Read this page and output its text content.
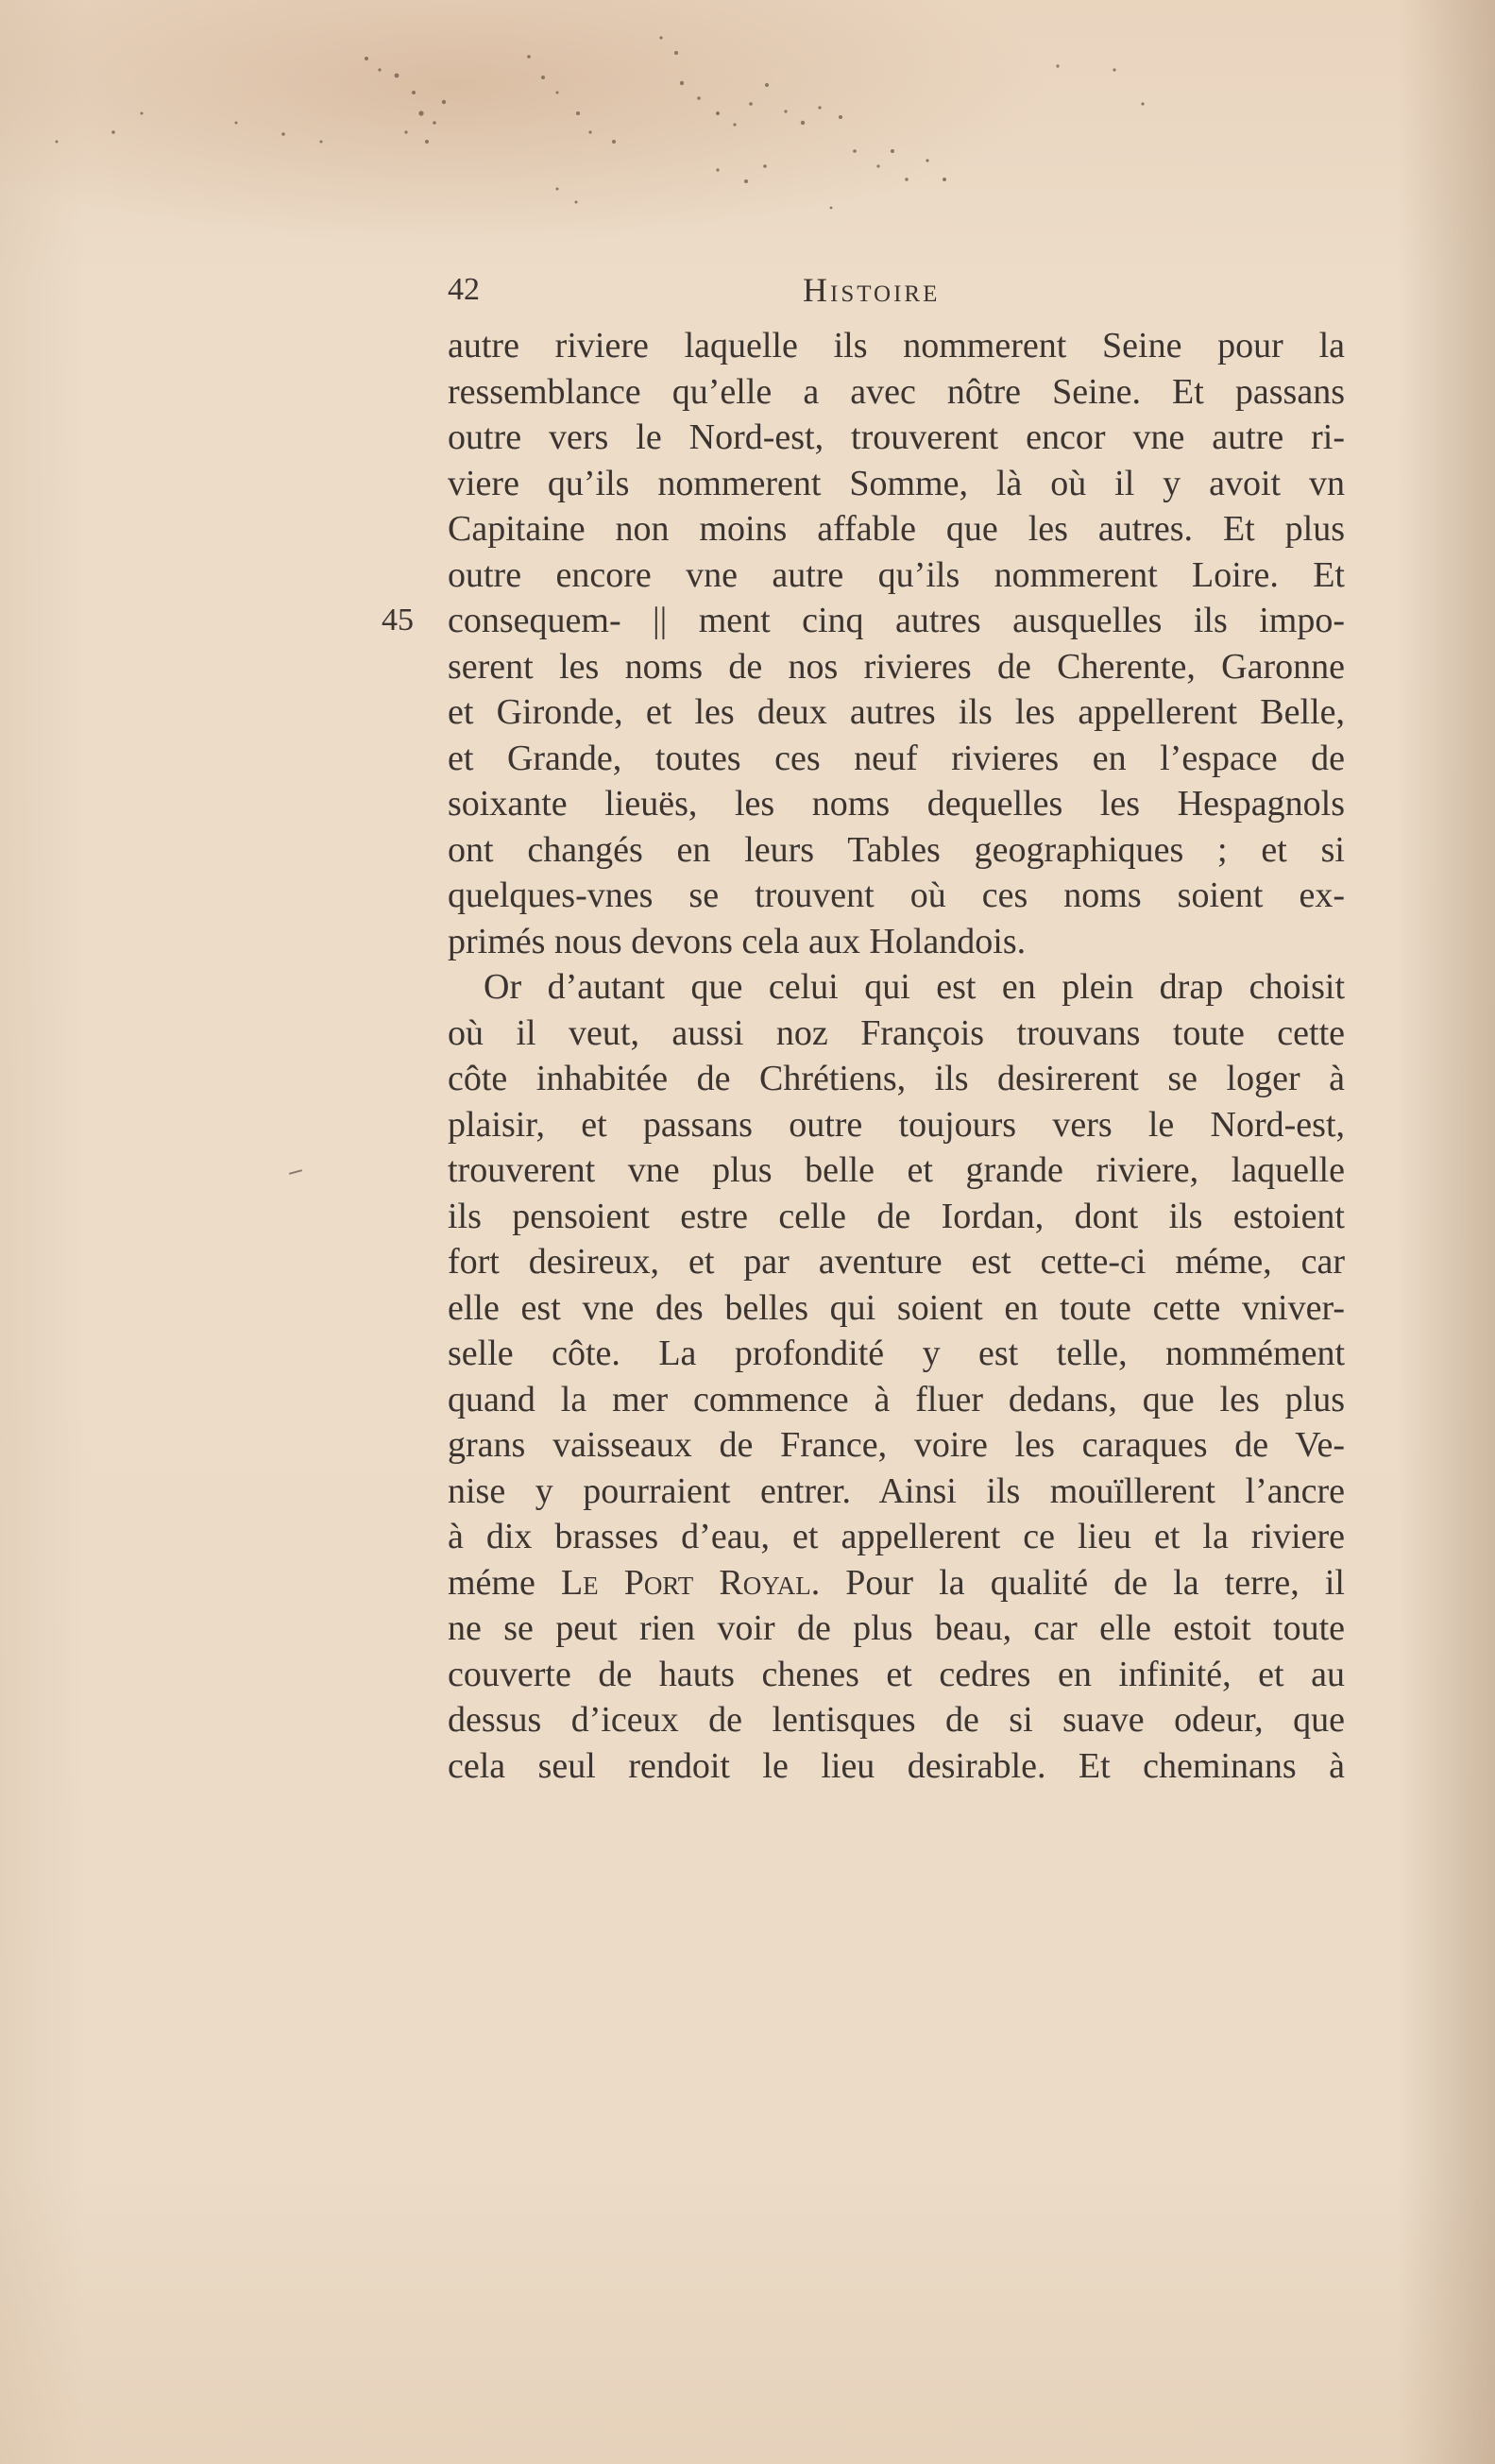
42	Histoire
autre riviere laquelle ils nommerent Seine pour la
ressemblance qu’elle a avec nôtre Seine. Et passans
outre vers le Nord-est, trouverent encor vne autre ri-
viere qu’ils nommerent Somme, là où il y avoit vn
Capitaine non moins affable que les autres. Et plus
outre encore vne autre qu’ils nommerent Loire. Et
45 consequem- || ment cinq autres ausquelles ils impo-
serent les noms de nos rivieres de Cherente, Garonne
et Gironde, et les deux autres ils les appellerent Belle,
et Grande, toutes ces neuf rivieres en l’espace de
soixante lieuës, les noms dequelles les Hespagnols
ont changés en leurs Tables geographiques ; et si
quelques-vnes se trouvent où ces noms soient ex-
primés nous devons cela aux Holandois.
Or d’autant que celui qui est en plein drap choisit
où il veut, aussi noz François trouvans toute cette
côte inhabitée de Chrétiens, ils desirerent se loger à
plaisir, et passans outre toujours vers le Nord-est,
trouverent vne plus belle et grande riviere, laquelle
ils pensoient estre celle de Iordan, dont ils estoient
fort desireux, et par aventure est cette-ci méme, car
elle est vne des belles qui soient en toute cette vniver-
selle côte. La profondité y est telle, nommément
quand la mer commence à fluer dedans, que les plus
grans vaisseaux de France, voire les caraques de Ve-
nise y pourraient entrer. Ainsi ils mouïllerent l’ancre
à dix brasses d’eau, et appellerent ce lieu et la riviere
méme Le Port Royal. Pour la qualité de la terre, il
ne se peut rien voir de plus beau, car elle estoit toute
couverte de hauts chenes et cedres en infinité, et au
dessus d’iceux de lentisques de si suave odeur, que
cela seul rendoit le lieu desirable. Et cheminans à
